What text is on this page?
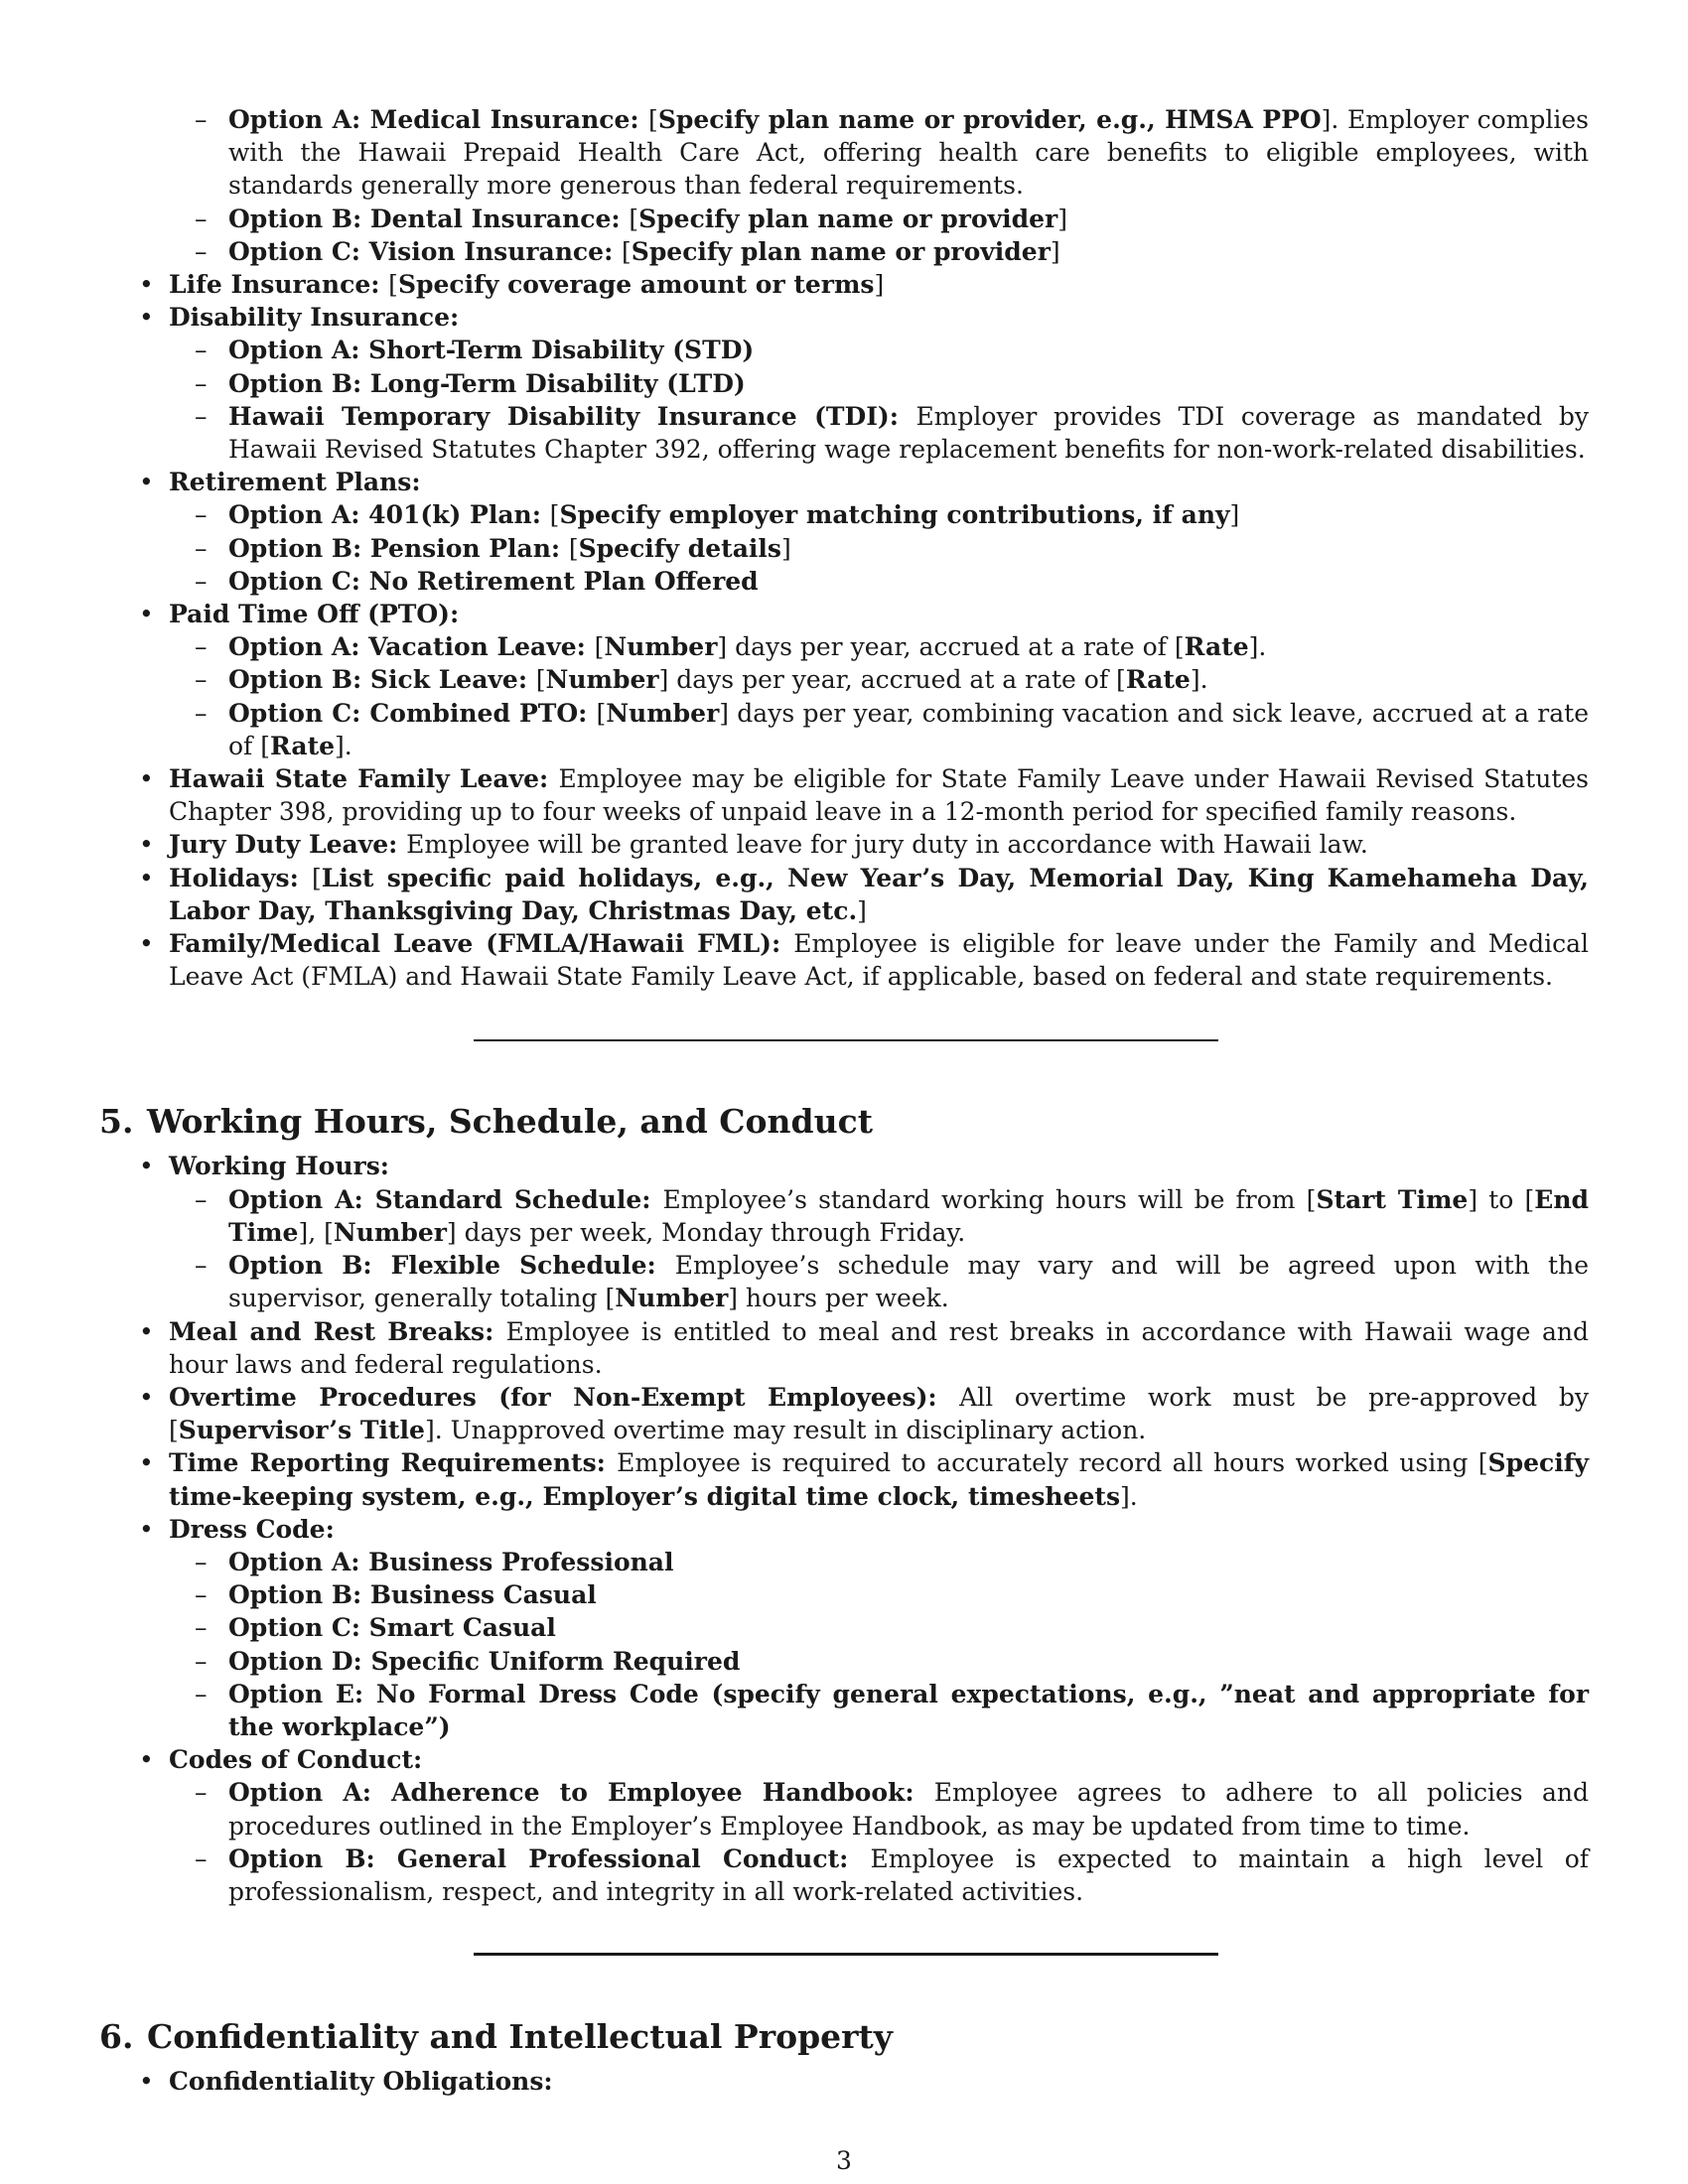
– Option A: Medical Insurance: [Specify plan name or provider, e.g., HMSA PPO]. Employer complies with the Hawaii Prepaid Health Care Act, offering health care benefits to eligible employees, with standards generally more generous than federal requirements.
– Option B: Dental Insurance: [Specify plan name or provider]
– Option C: Vision Insurance: [Specify plan name or provider]
• Life Insurance: [Specify coverage amount or terms]
• Disability Insurance:
– Option A: Short-Term Disability (STD)
– Option B: Long-Term Disability (LTD)
– Hawaii Temporary Disability Insurance (TDI): Employer provides TDI coverage as mandated by Hawaii Revised Statutes Chapter 392, offering wage replacement benefits for non-work-related disabilities.
• Retirement Plans:
– Option A: 401(k) Plan: [Specify employer matching contributions, if any]
– Option B: Pension Plan: [Specify details]
– Option C: No Retirement Plan Offered
• Paid Time Off (PTO):
– Option A: Vacation Leave: [Number] days per year, accrued at a rate of [Rate].
– Option B: Sick Leave: [Number] days per year, accrued at a rate of [Rate].
– Option C: Combined PTO: [Number] days per year, combining vacation and sick leave, accrued at a rate of [Rate].
• Hawaii State Family Leave: Employee may be eligible for State Family Leave under Hawaii Revised Statutes Chapter 398, providing up to four weeks of unpaid leave in a 12-month period for specified family reasons.
• Jury Duty Leave: Employee will be granted leave for jury duty in accordance with Hawaii law.
• Holidays: [List specific paid holidays, e.g., New Year’s Day, Memorial Day, King Kamehameha Day, Labor Day, Thanksgiving Day, Christmas Day, etc.]
• Family/Medical Leave (FMLA/Hawaii FML): Employee is eligible for leave under the Family and Medical Leave Act (FMLA) and Hawaii State Family Leave Act, if applicable, based on federal and state requirements.
5. Working Hours, Schedule, and Conduct
• Working Hours:
– Option A: Standard Schedule: Employee’s standard working hours will be from [Start Time] to [End Time], [Number] days per week, Monday through Friday.
– Option B: Flexible Schedule: Employee’s schedule may vary and will be agreed upon with the supervisor, generally totaling [Number] hours per week.
• Meal and Rest Breaks: Employee is entitled to meal and rest breaks in accordance with Hawaii wage and hour laws and federal regulations.
• Overtime Procedures (for Non-Exempt Employees): All overtime work must be pre-approved by [Supervisor’s Title]. Unapproved overtime may result in disciplinary action.
• Time Reporting Requirements: Employee is required to accurately record all hours worked using [Specify time-keeping system, e.g., Employer’s digital time clock, timesheets].
• Dress Code:
– Option A: Business Professional
– Option B: Business Casual
– Option C: Smart Casual
– Option D: Specific Uniform Required
– Option E: No Formal Dress Code (specify general expectations, e.g., ”neat and appropriate for the workplace”)
• Codes of Conduct:
– Option A: Adherence to Employee Handbook: Employee agrees to adhere to all policies and procedures outlined in the Employer’s Employee Handbook, as may be updated from time to time.
– Option B: General Professional Conduct: Employee is expected to maintain a high level of professionalism, respect, and integrity in all work-related activities.
6. Confidentiality and Intellectual Property
• Confidentiality Obligations:
3
